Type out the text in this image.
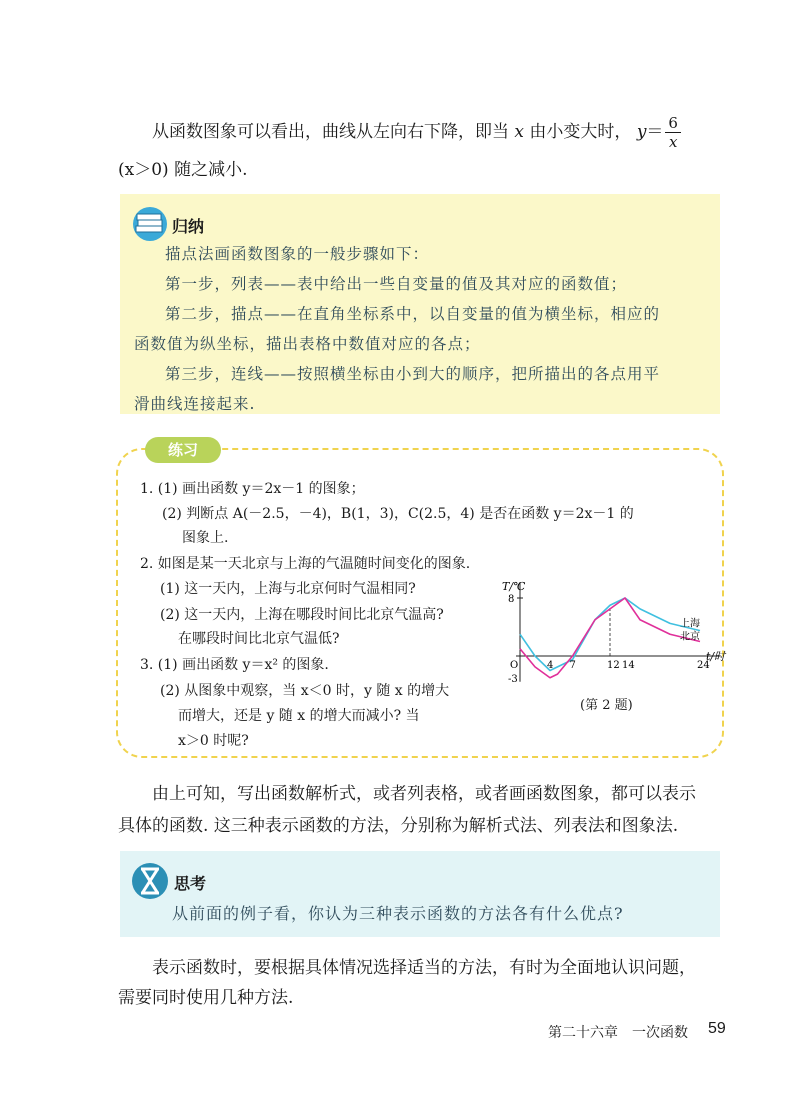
从函数图象可以看出，曲线从左向右下降，即当 x 由小变大时， $y= \frac{6}{x}$
(x＞0) 随之减小.
归纳

描点法画函数图象的一般步骤如下：

第一步，列表——表中给出一些自变量的值及其对应的函数值；

第二步，描点——在直角坐标系中，以自变量的值为横坐标，相应的

函数值为纵坐标，描出表格中数值对应的各点；

第三步，连线——按照横坐标由小到大的顺序，把所描出的各点用平

滑曲线连接起来.

练习
1. (1) 画出函数 y＝2x－1 的图象；
(2) 判断点 A(－2.5，－4)，B(1，3)，C(2.5，4) 是否在函数 y＝2x－1 的
图象上.
2. 如图是某一天北京与上海的气温随时间变化的图象.
(1) 这一天内，上海与北京何时气温相同?
(2) 这一天内，上海在哪段时间比北京气温高?
在哪段时间比北京气温低?
3. (1) 画出函数 y＝x² 的图象.
(2) 从图象中观察，当 x＜0 时，y 随 x 的增大
而增大，还是 y 随 x 的增大而减小? 当
x＞0 时呢?
t/时
T/℃
O	4 7	12 14	24
8
-3
上海
北京
(第 2 题)
由上可知，写出函数解析式，或者列表格，或者画函数图象，都可以表示
具体的函数. 这三种表示函数的方法，分别称为解析式法、列表法和图象法.
思考
从前面的例子看，你认为三种表示函数的方法各有什么优点?
表示函数时，要根据具体情况选择适当的方法，有时为全面地认识问题，
需要同时使用几种方法.
第二十六章　一次函数 59
